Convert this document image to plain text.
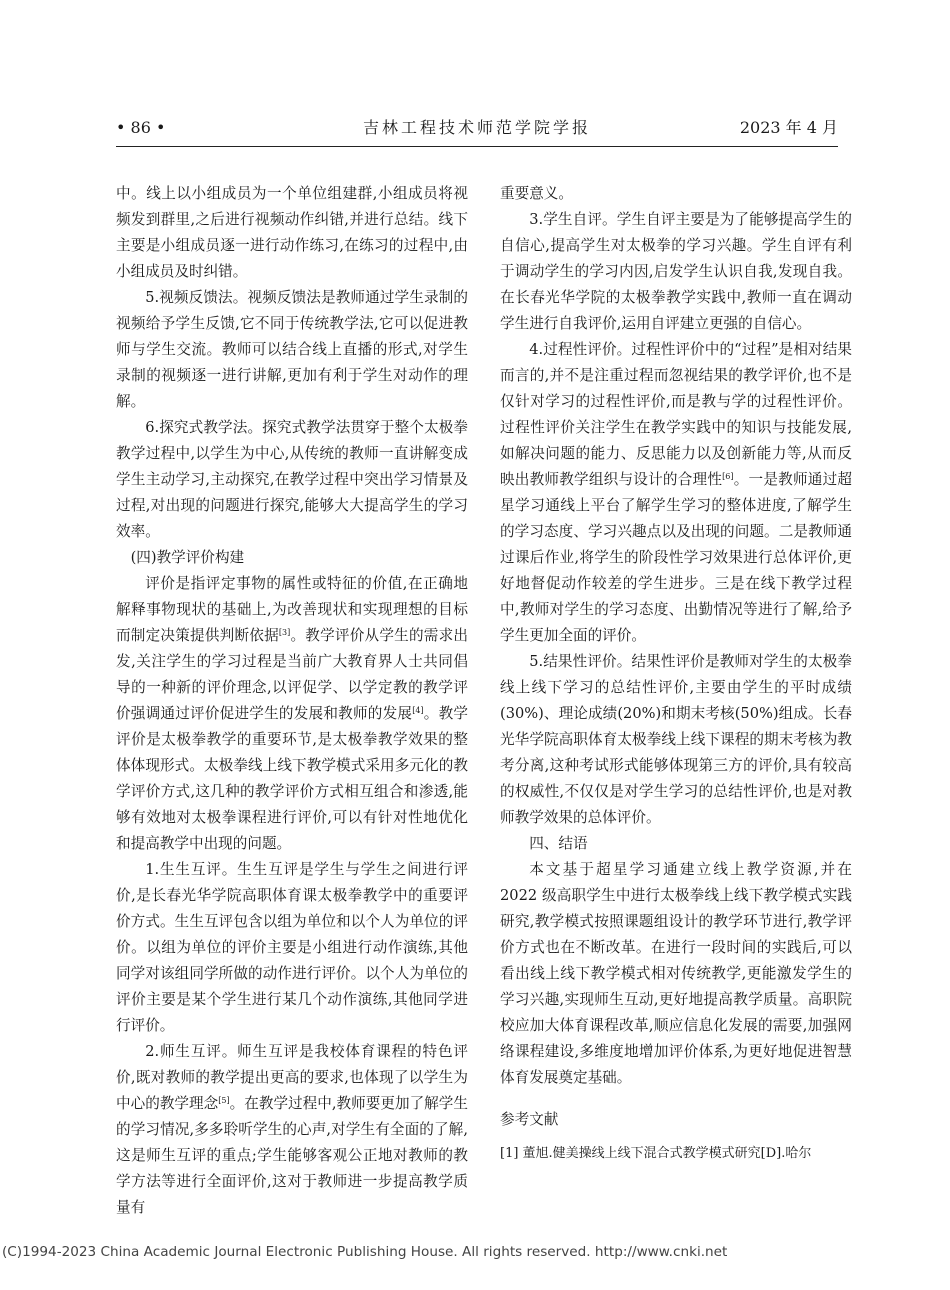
• 86 •	吉林工程技术师范学院学报	2023 年 4 月

中。线上以小组成员为一个单位组建群,小组成员将视频发到群里,之后进行视频动作纠错,并进行总结。线下主要是小组成员逐一进行动作练习,在练习的过程中,由小组成员及时纠错。

5.视频反馈法。视频反馈法是教师通过学生录制的视频给予学生反馈,它不同于传统教学法,它可以促进教师与学生交流。教师可以结合线上直播的形式,对学生录制的视频逐一进行讲解,更加有利于学生对动作的理解。

6.探究式教学法。探究式教学法贯穿于整个太极拳教学过程中,以学生为中心,从传统的教师一直讲解变成学生主动学习,主动探究,在教学过程中突出学习情景及过程,对出现的问题进行探究,能够大大提高学生的学习效率。

(四)教学评价构建

评价是指评定事物的属性或特征的价值,在正确地解释事物现状的基础上,为改善现状和实现理想的目标而制定决策提供判断依据[3]。教学评价从学生的需求出发,关注学生的学习过程是当前广大教育界人士共同倡导的一种新的评价理念,以评促学、以学定教的教学评价强调通过评价促进学生的发展和教师的发展[4]。教学评价是太极拳教学的重要环节,是太极拳教学效果的整体体现形式。太极拳线上线下教学模式采用多元化的教学评价方式,这几种的教学评价方式相互组合和渗透,能够有效地对太极拳课程进行评价,可以有针对性地优化和提高教学中出现的问题。

1.生生互评。生生互评是学生与学生之间进行评价,是长春光华学院高职体育课太极拳教学中的重要评价方式。生生互评包含以组为单位和以个人为单位的评价。以组为单位的评价主要是小组进行动作演练,其他同学对该组同学所做的动作进行评价。以个人为单位的评价主要是某个学生进行某几个动作演练,其他同学进行评价。

2.师生互评。师生互评是我校体育课程的特色评价,既对教师的教学提出更高的要求,也体现了以学生为中心的教学理念[5]。在教学过程中,教师要更加了解学生的学习情况,多多聆听学生的心声,对学生有全面的了解,这是师生互评的重点;学生能够客观公正地对教师的教学方法等进行全面评价,这对于教师进一步提高教学质量有

重要意义。

3.学生自评。学生自评主要是为了能够提高学生的自信心,提高学生对太极拳的学习兴趣。学生自评有利于调动学生的学习内因,启发学生认识自我,发现自我。在长春光华学院的太极拳教学实践中,教师一直在调动学生进行自我评价,运用自评建立更强的自信心。

4.过程性评价。过程性评价中的“过程”是相对结果而言的,并不是注重过程而忽视结果的教学评价,也不是仅针对学习的过程性评价,而是教与学的过程性评价。过程性评价关注学生在教学实践中的知识与技能发展,如解决问题的能力、反思能力以及创新能力等,从而反映出教师教学组织与设计的合理性[6]。一是教师通过超星学习通线上平台了解学生学习的整体进度,了解学生的学习态度、学习兴趣点以及出现的问题。二是教师通过课后作业,将学生的阶段性学习效果进行总体评价,更好地督促动作较差的学生进步。三是在线下教学过程中,教师对学生的学习态度、出勤情况等进行了解,给予学生更加全面的评价。

5.结果性评价。结果性评价是教师对学生的太极拳线上线下学习的总结性评价,主要由学生的平时成绩(30%)、理论成绩(20%)和期末考核(50%)组成。长春光华学院高职体育太极拳线上线下课程的期末考核为教考分离,这种考试形式能够体现第三方的评价,具有较高的权威性,不仅仅是对学生学习的总结性评价,也是对教师教学效果的总体评价。

四、结语

本文基于超星学习通建立线上教学资源,并在 2022 级高职学生中进行太极拳线上线下教学模式实践研究,教学模式按照课题组设计的教学环节进行,教学评价方式也在不断改革。在进行一段时间的实践后,可以看出线上线下教学模式相对传统教学,更能激发学生的学习兴趣,实现师生互动,更好地提高教学质量。高职院校应加大体育课程改革,顺应信息化发展的需要,加强网络课程建设,多维度地增加评价体系,为更好地促进智慧体育发展奠定基础。

参考文献

[1] 董旭.健美操线上线下混合式教学模式研究[D].哈尔

(C)1994-2023 China Academic Journal Electronic Publishing House. All rights reserved. http://www.cnki.net
